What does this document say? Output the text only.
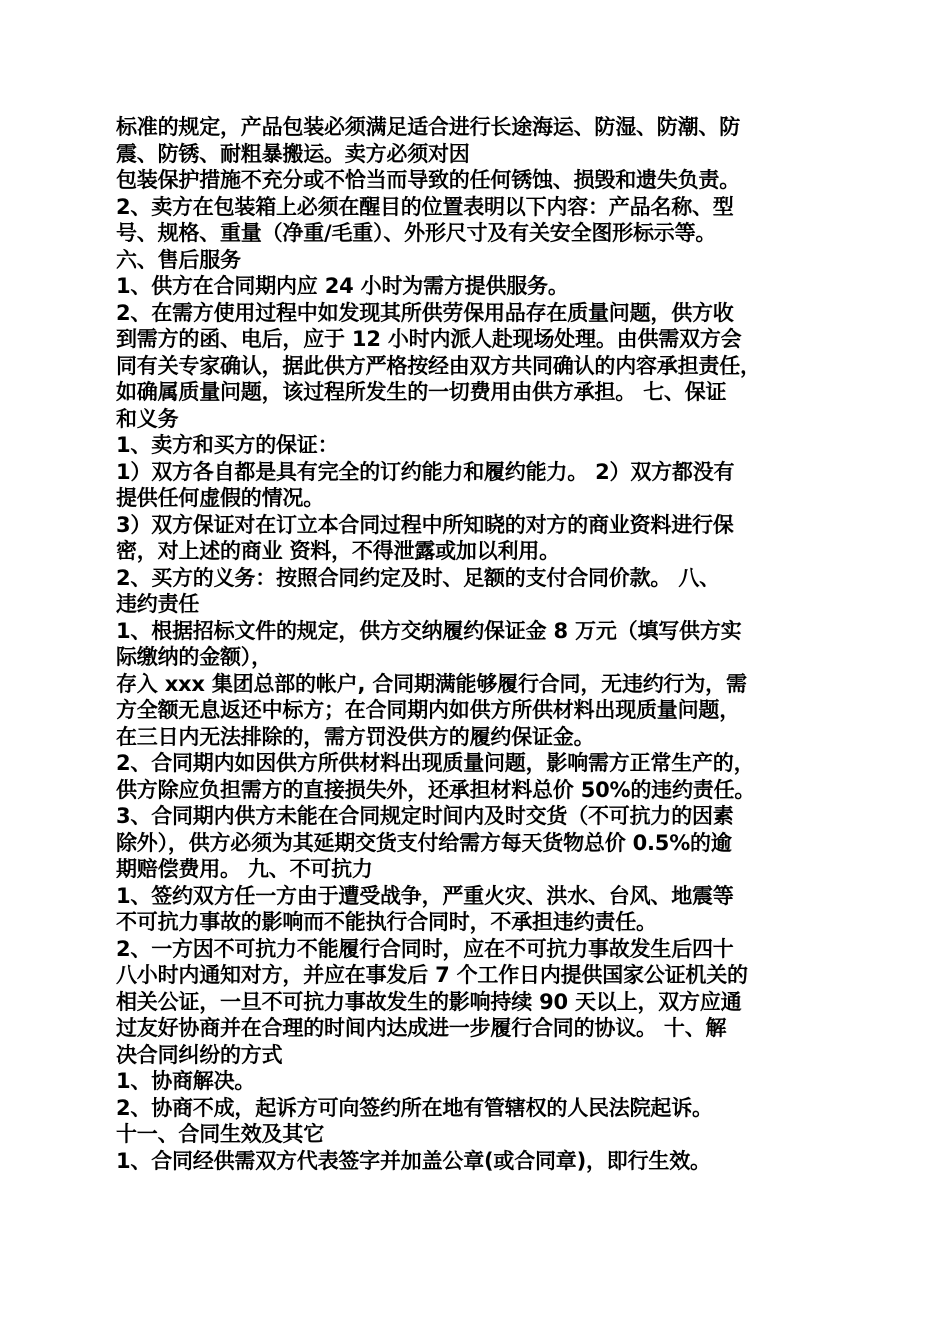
标准的规定，产品包装必须满足适合进行长途海运、防湿、防潮、防
震、防锈、耐粗暴搬运。卖方必须对因
包装保护措施不充分或不恰当而导致的任何锈蚀、损毁和遗失负责。
2、卖方在包装箱上必须在醒目的位置表明以下内容：产品名称、型
号、规格、重量（净重/毛重）、外形尺寸及有关安全图形标示等。
六、售后服务
1、供方在合同期内应 24 小时为需方提供服务。
2、在需方使用过程中如发现其所供劳保用品存在质量问题，供方收
到需方的函、电后，应于 12 小时内派人赴现场处理。由供需双方会
同有关专家确认，据此供方严格按经由双方共同确认的内容承担责任，
如确属质量问题，该过程所发生的一切费用由供方承担。 七、保证
和义务
1、卖方和买方的保证：
1）双方各自都是具有完全的订约能力和履约能力。 2）双方都没有
提供任何虚假的情况。
3）双方保证对在订立本合同过程中所知晓的对方的商业资料进行保
密，对上述的商业 资料，不得泄露或加以利用。
2、买方的义务：按照合同约定及时、足额的支付合同价款。 八、
违约责任
1、根据招标文件的规定，供方交纳履约保证金 8 万元（填写供方实
际缴纳的金额），
存入 xxx 集团总部的帐户, 合同期满能够履行合同，无违约行为，需
方全额无息返还中标方；在合同期内如供方所供材料出现质量问题，
在三日内无法排除的，需方罚没供方的履约保证金。
2、合同期内如因供方所供材料出现质量问题，影响需方正常生产的，
供方除应负担需方的直接损失外，还承担材料总价 50%的违约责任。
3、合同期内供方未能在合同规定时间内及时交货（不可抗力的因素
除外），供方必须为其延期交货支付给需方每天货物总价 0.5%的逾
期赔偿费用。 九、不可抗力
1、签约双方任一方由于遭受战争，严重火灾、洪水、台风、地震等
不可抗力事故的影响而不能执行合同时，不承担违约责任。
2、一方因不可抗力不能履行合同时，应在不可抗力事故发生后四十
八小时内通知对方，并应在事发后 7 个工作日内提供国家公证机关的
相关公证，一旦不可抗力事故发生的影响持续 90 天以上，双方应通
过友好协商并在合理的时间内达成进一步履行合同的协议。 十、解
决合同纠纷的方式
1、协商解决。
2、协商不成，起诉方可向签约所在地有管辖权的人民法院起诉。
十一、合同生效及其它
1、合同经供需双方代表签字并加盖公章(或合同章)，即行生效。
